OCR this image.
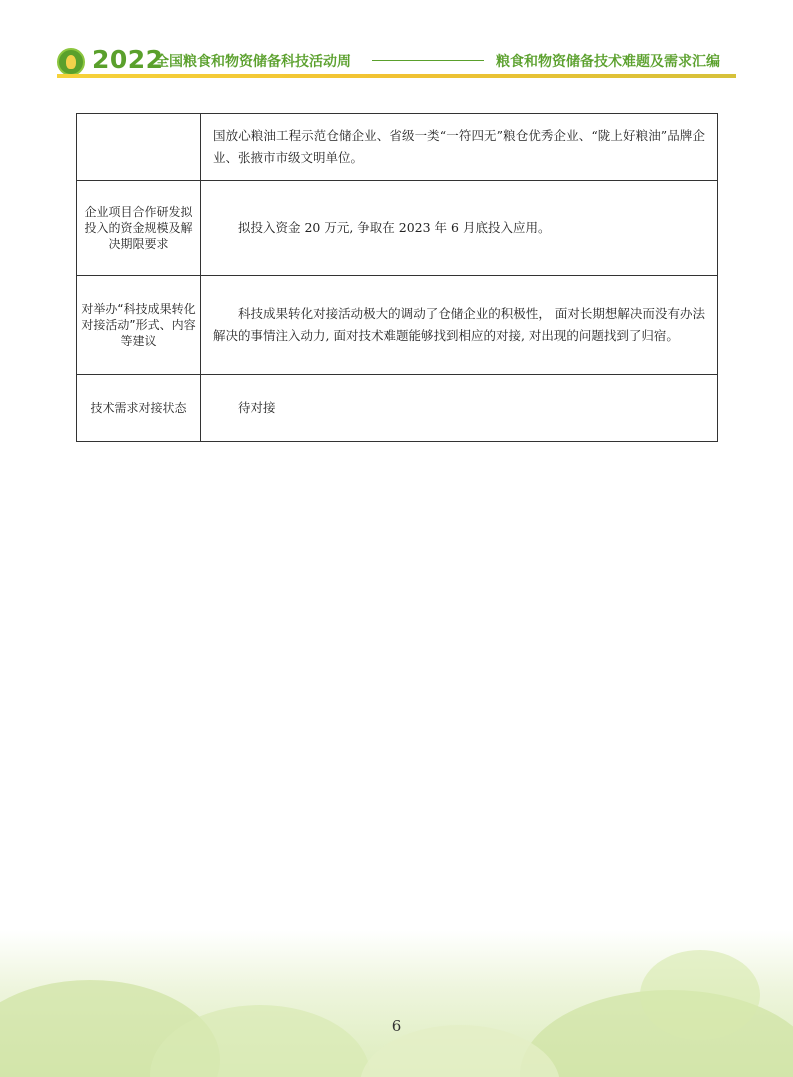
2022
全国粮食和物资储备科技活动周	粮食和物资储备技术难题及需求汇编
	国放心粮油工程示范仓储企业、省级一类“一符四无”粮仓优秀企业、“陇上好粮油”品牌企业、张掖市市级文明单位。
企业项目合作研发拟投入的资金规模及解决期限要求	拟投入资金 20 万元, 争取在 2023 年 6 月底投入应用。
对举办“科技成果转化对接活动”形式、内容等建议	科技成果转化对接活动极大的调动了仓储企业的积极性， 面对长期想解决而没有办法解决的事情注入动力, 面对技术难题能够找到相应的对接, 对出现的问题找到了归宿。
技术需求对接状态	待对接
6
